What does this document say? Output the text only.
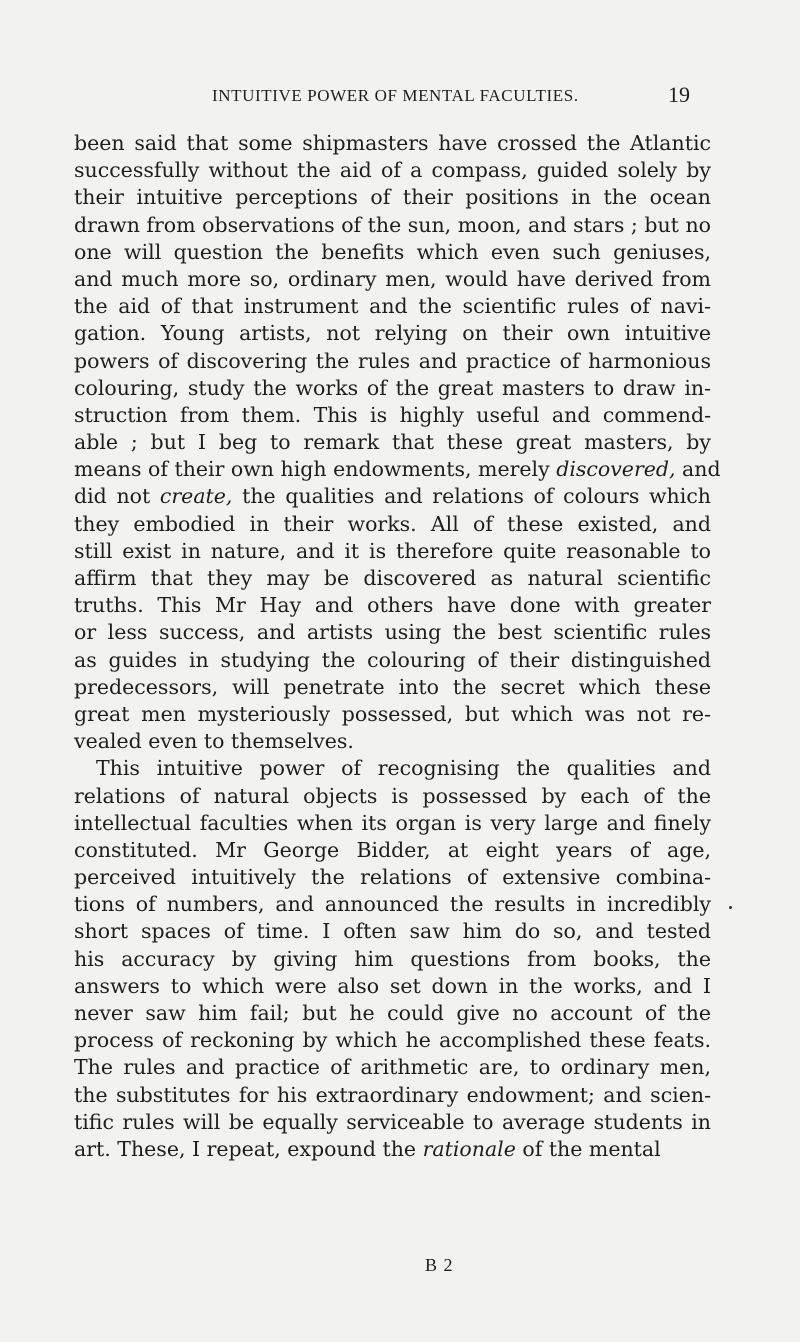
INTUITIVE POWER OF MENTAL FACULTIES.	19
been said that some shipmasters have crossed the Atlantic
successfully without the aid of a compass, guided solely by
their intuitive perceptions of their positions in the ocean
drawn from observations of the sun, moon, and stars ; but no
one will question the benefits which even such geniuses,
and much more so, ordinary men, would have derived from
the aid of that instrument and the scientific rules of navi-
gation. Young artists, not relying on their own intuitive
powers of discovering the rules and practice of harmonious
colouring, study the works of the great masters to draw in-
struction from them. This is highly useful and commend-
able ; but I beg to remark that these great masters, by
means of their own high endowments, merely discovered, and
did not create, the qualities and relations of colours which
they embodied in their works. All of these existed, and
still exist in nature, and it is therefore quite reasonable to
affirm that they may be discovered as natural scientific
truths. This Mr Hay and others have done with greater
or less success, and artists using the best scientific rules
as guides in studying the colouring of their distinguished
predecessors, will penetrate into the secret which these
great men mysteriously possessed, but which was not re-
vealed even to themselves.
This intuitive power of recognising the qualities and
relations of natural objects is possessed by each of the
intellectual faculties when its organ is very large and finely
constituted. Mr George Bidder, at eight years of age,
perceived intuitively the relations of extensive combina-
tions of numbers, and announced the results in incredibly
short spaces of time. I often saw him do so, and tested
his accuracy by giving him questions from books, the
answers to which were also set down in the works, and I
never saw him fail; but he could give no account of the
process of reckoning by which he accomplished these feats.
The rules and practice of arithmetic are, to ordinary men,
the substitutes for his extraordinary endowment; and scien-
tific rules will be equally serviceable to average students in
art. These, I repeat, expound the rationale of the mental
B 2
